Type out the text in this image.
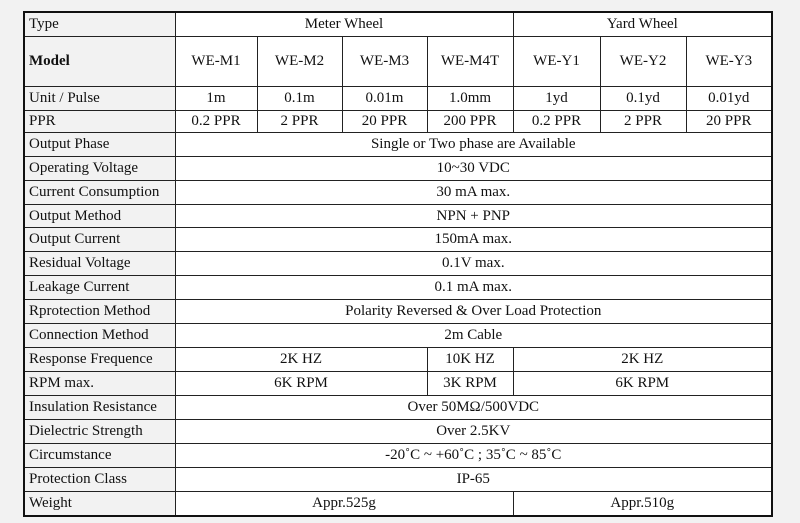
Type	Meter Wheel				Yard Wheel		
Model	WE-M1	WE-M2	WE-M3	WE-M4T	WE-Y1	WE-Y2	WE-Y3
Unit / Pulse	1m	0.1m	0.01m	1.0mm	1yd	0.1yd	0.01yd
PPR	0.2 PPR	2 PPR	20 PPR	200 PPR	0.2 PPR	2 PPR	20 PPR
Output Phase	Single or Two phase are Available						
Operating Voltage	10~30 VDC						
Current Consumption	30 mA max.						
Output Method	NPN + PNP						
Output Current	150mA max.						
Residual Voltage	0.1V max.						
Leakage Current	0.1 mA max.						
Rprotection Method	Polarity Reversed & Over Load Protection						
Connection Method	2m Cable						
Response Frequence	2K HZ			10K HZ	2K HZ		
RPM max.	6K RPM			3K RPM	6K RPM		
Insulation Resistance	Over 50MΩ/500VDC						
Dielectric Strength	Over 2.5KV						
Circumstance	-20˚C ~ +60˚C ; 35˚C ~ 85˚C						
Protection Class	IP-65						
Weight	Appr.525g				Appr.510g		
